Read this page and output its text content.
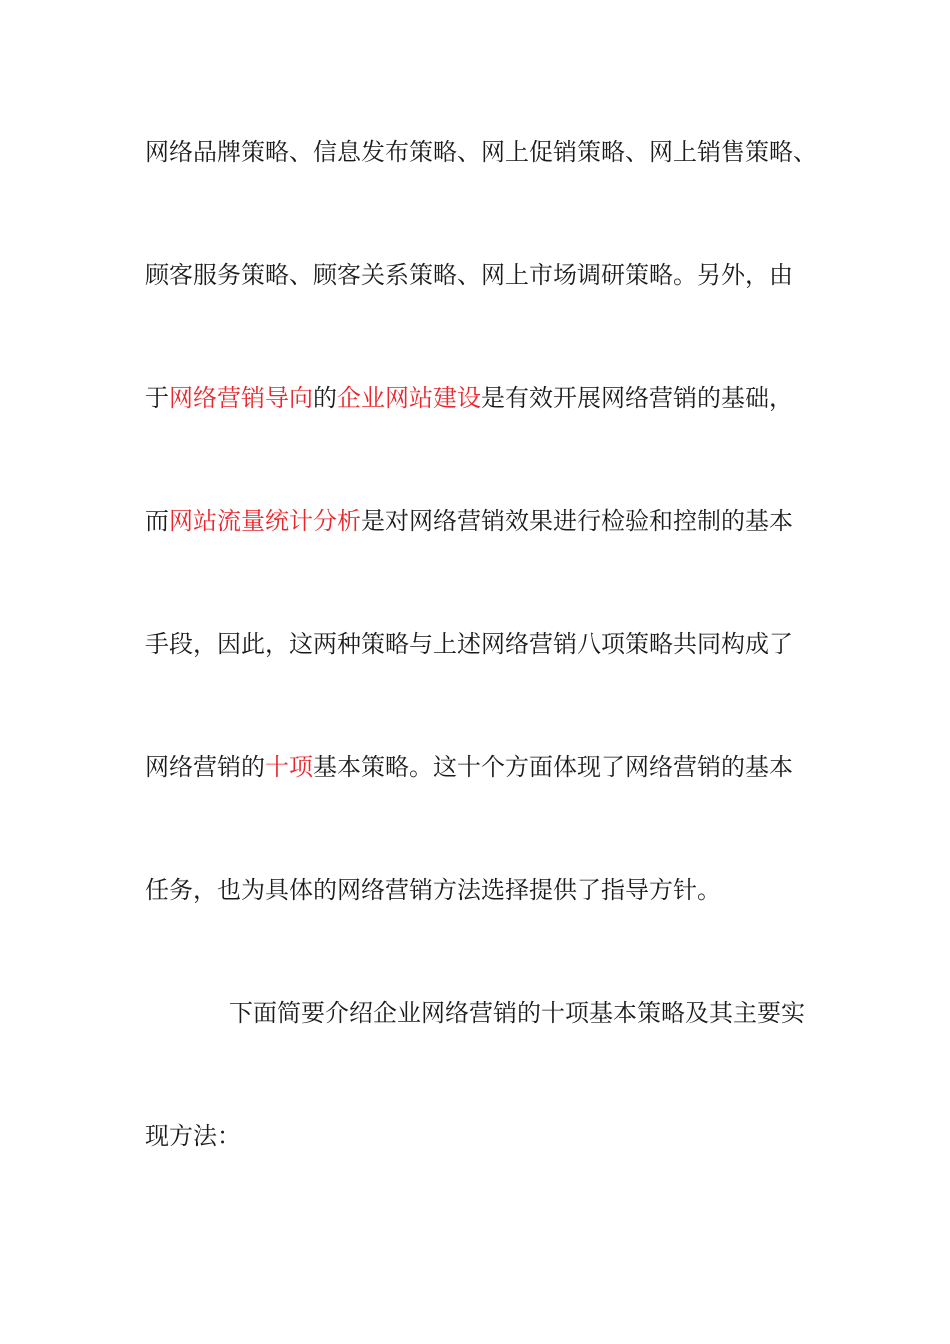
网络品牌策略、信息发布策略、网上促销策略、网上销售策略、
顾客服务策略、顾客关系策略、网上市场调研策略。另外，由
于网络营销导向的企业网站建设是有效开展网络营销的基础，
而网站流量统计分析是对网络营销效果进行检验和控制的基本
手段，因此，这两种策略与上述网络营销八项策略共同构成了
网络营销的十项基本策略。这十个方面体现了网络营销的基本
任务，也为具体的网络营销方法选择提供了指导方针。
下面简要介绍企业网络营销的十项基本策略及其主要实
现方法：
